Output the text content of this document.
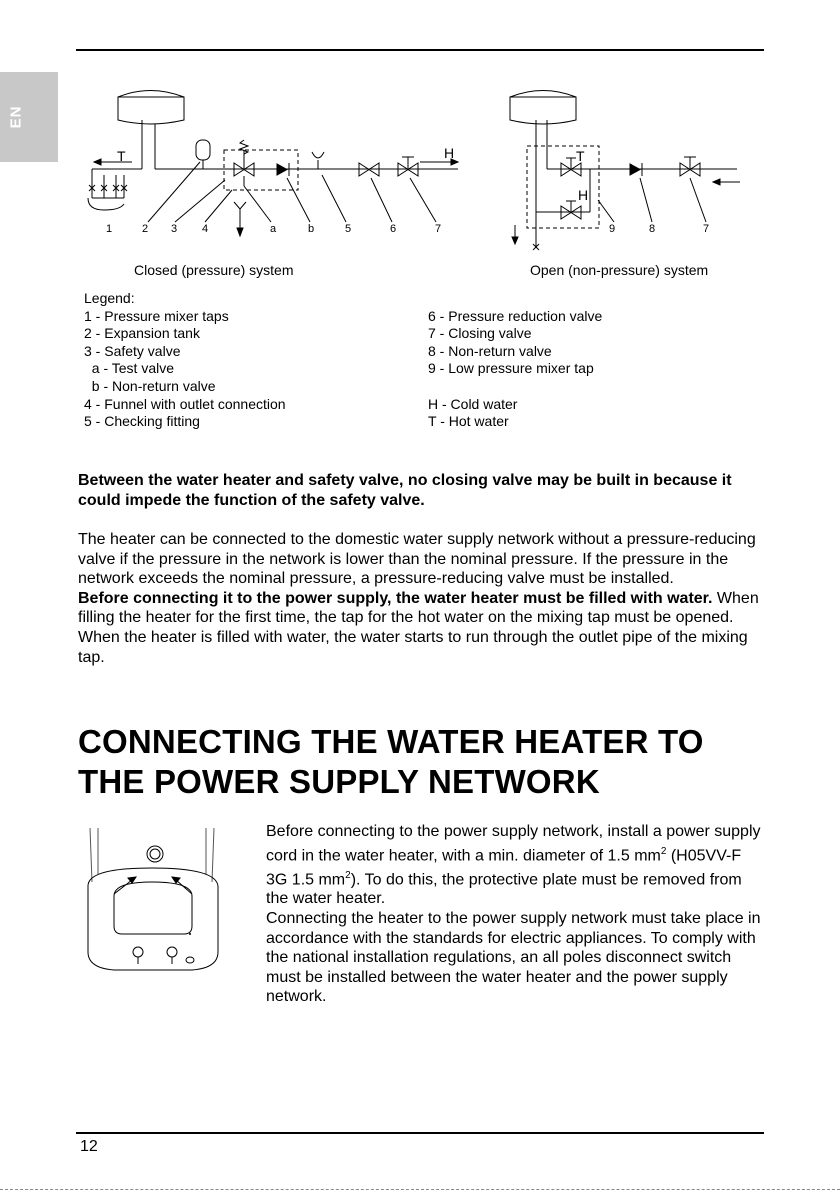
EN
T	H	T
H
1	2 3 4	a	b	5	6	7	9	8	7
Closed (pressure) system	Open (non-pressure) system
Legend:
1 - Pressure mixer taps
2 - Expansion tank
3 - Safety valve
a - Test valve
b - Non-return valve
4 - Funnel with outlet connection
5 - Checking fitting
6 - Pressure reduction valve
7 - Closing valve
8 - Non-return valve
9 - Low pressure mixer tap
H - Cold water
T - Hot water
Between the water heater and safety valve, no closing valve may be built in because it could impede the function of the safety valve.

The heater can be connected to the domestic water supply network without a pressure-reducing valve if the pressure in the network is lower than the nominal pressure. If the pressure in the network exceeds the nominal pressure, a pressure-reducing valve must be installed.

Before connecting it to the power supply, the water heater must be filled with water. When filling the heater for the first time, the tap for the hot water on the mixing tap must be opened. When the heater is filled with water, the water starts to run through the outlet pipe of the mixing tap.

CONNECTING THE WATER HEATER TO
THE POWER SUPPLY NETWORK

Before connecting to the power supply network, install a power supply cord in the water heater, with a min. diameter of 1.5 $mm^2$ (H05VV-F 3G 1.5 $mm^2$). To do this, the protective plate must be removed from the water heater.

Connecting the heater to the power supply network must take place in accordance with the standards for electric appliances. To comply with the national installation regulations, an all poles disconnect switch must be installed between the water heater and the power supply network.

12
